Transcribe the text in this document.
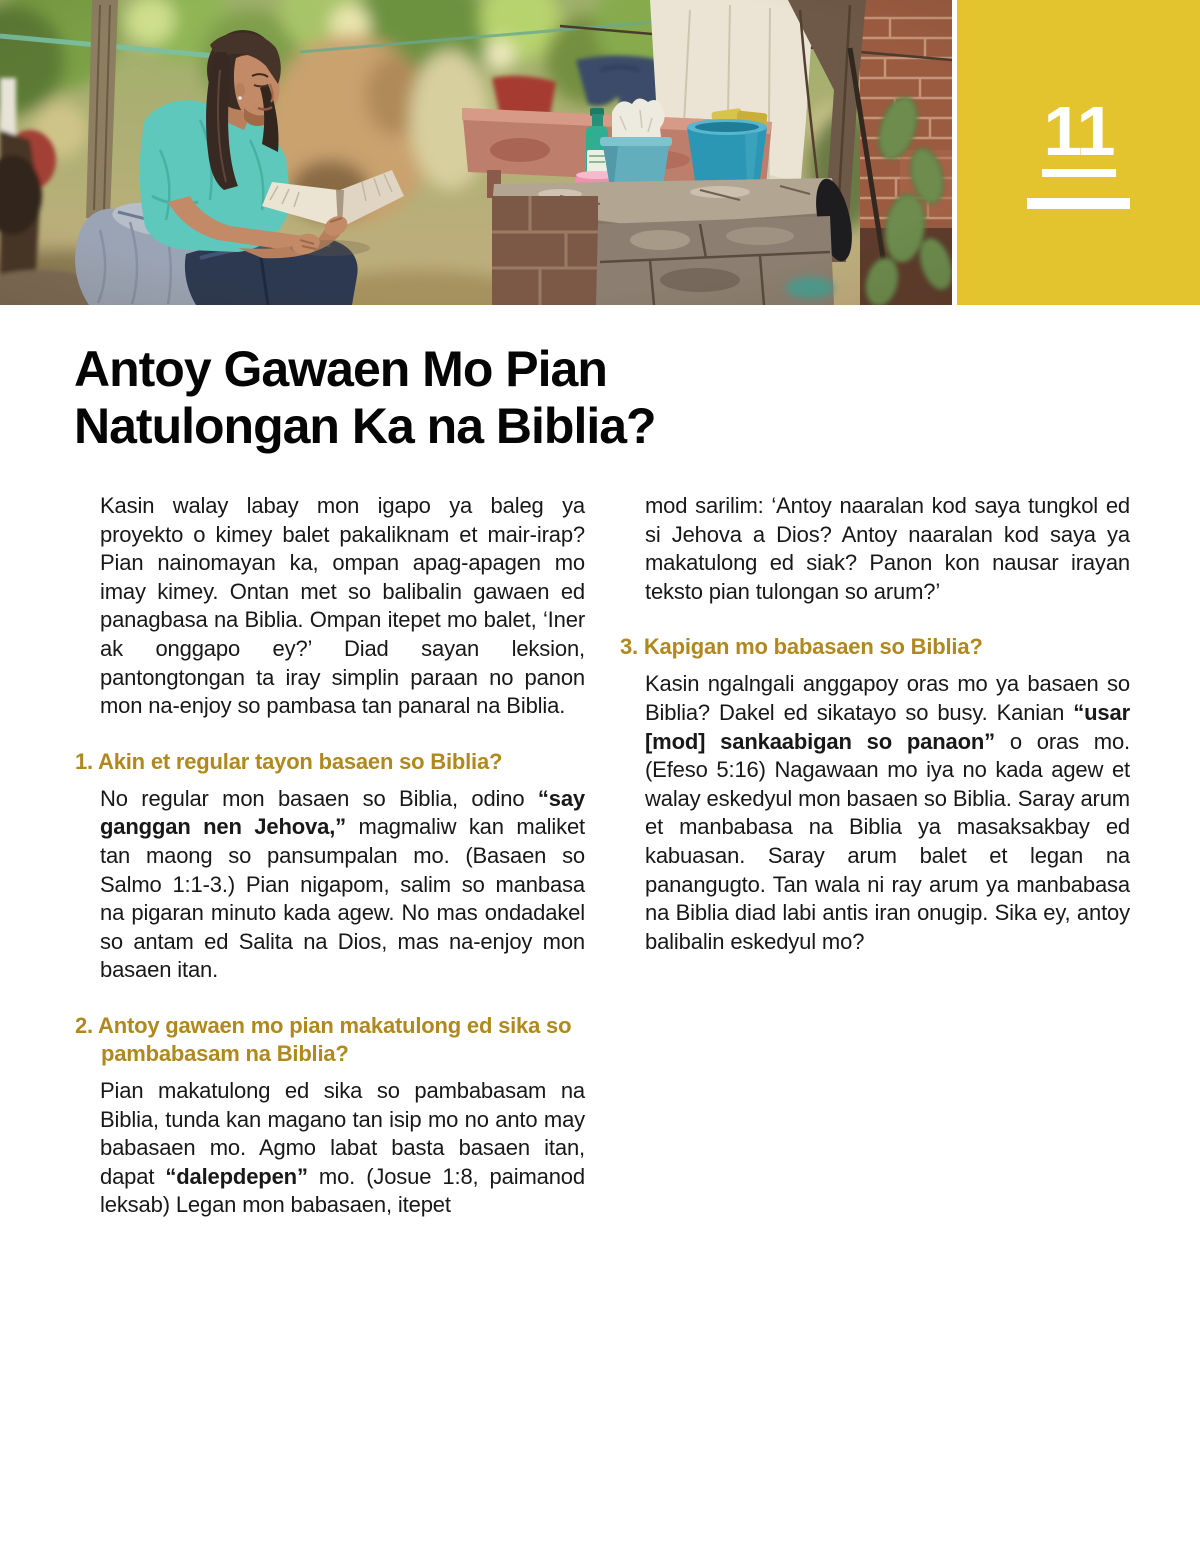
11
Antoy Gawaen Mo Pian
Natulongan Ka na Biblia?

Kasin walay labay mon igapo ya baleg ya proyekto o kimey balet pakaliknam et mair-irap? Pian nainomayan ka, ompan apag-apagen mo imay kimey. Ontan met so balibalin gawaen ed panagbasa na Biblia. Ompan itepet mo balet, ‘Iner ak onggapo ey?’ Diad sayan leksion, pantongtongan ta iray simplin paraan no panon mon na-enjoy so pambasa tan panaral na Biblia.

1. Akin et regular tayon basaen so Biblia?

No regular mon basaen so Biblia, odino “say ganggan nen Jehova,” magmaliw kan maliket tan maong so pansumpalan mo. (Basaen so Salmo 1:1-3.) Pian nigapom, salim so manbasa na pigaran minuto kada agew. No mas ondadakel so antam ed Salita na Dios, mas na-enjoy mon basaen itan.

2. Antoy gawaen mo pian makatulong ed sika so pambabasam na Biblia?

Pian makatulong ed sika so pambabasam na Biblia, tunda kan magano tan isip mo no anto may babasaen mo. Agmo labat basta basaen itan, dapat “dalepdepen” mo. (Josue 1:8, paimanod leksab) Legan mon babasaen, itepet

mod sarilim: ‘Antoy naaralan kod saya tungkol ed si Jehova a Dios? Antoy naaralan kod saya ya makatulong ed siak? Panon kon nausar irayan teksto pian tulongan so arum?’

3. Kapigan mo babasaen so Biblia?

Kasin ngalngali anggapoy oras mo ya basaen so Biblia? Dakel ed sikatayo so busy. Kanian “usar [mod] sankaabigan so panaon” o oras mo. (Efeso 5:16) Nagawaan mo iya no kada agew et walay eskedyul mon basaen so Biblia. Saray arum et manbabasa na Biblia ya masaksakbay ed kabuasan. Saray arum balet et legan na panangugto. Tan wala ni ray arum ya manbabasa na Biblia diad labi antis iran onugip. Sika ey, antoy balibalin eskedyul mo?
